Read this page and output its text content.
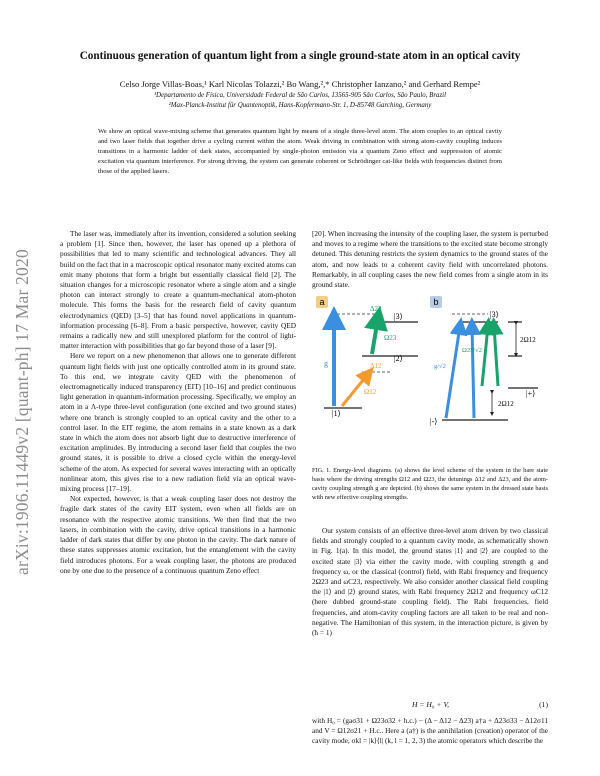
arXiv:1906.11449v2 [quant-ph] 17 Mar 2020
Continuous generation of quantum light from a single ground-state atom in an optical cavity
Celso Jorge Villas-Boas,¹ Karl Nicolas Tolazzi,² Bo Wang,²,* Christopher Ianzano,² and Gerhard Rempe²
¹Departamento de Física, Universidade Federal de São Carlos, 13565-905 São Carlos, São Paulo, Brazil
²Max-Planck-Institut für Quantenoptik, Hans-Kopfermann-Str. 1, D-85748 Garching, Germany
We show an optical wave-mixing scheme that generates quantum light by means of a single three-level atom. The atom couples to an optical cavity and two laser fields that together drive a cycling current within the atom. Weak driving in combination with strong atom-cavity coupling induces transitions in a harmonic ladder of dark states, accompanied by single-photon emission via a quantum Zeno effect and suppression of atomic excitation via quantum interference. For strong driving, the system can generate coherent or Schrödinger cat-like fields with frequencies distinct from those of the applied lasers.

The laser was, immediately after its invention, considered a solution seeking a problem [1]. Since then, however, the laser has opened up a plethora of possibilities that led to many scientific and technological advances. They all build on the fact that in a macroscopic optical resonator many excited atoms can emit many photons that form a bright but essentially classical field [2]. The situation changes for a microscopic resonator where a single atom and a single photon can interact strongly to create a quantum-mechanical atom-photon molecule. This forms the basis for the research field of cavity quantum electrodynamics (QED) [3–5] that has found novel applications in quantum-information processing [6–8]. From a basic perspective, however, cavity QED remains a radically new and still unexplored platform for the control of light-matter interaction with possibilities that go far beyond those of a laser [9].

Here we report on a new phenomenon that allows one to generate different quantum light fields with just one optically controlled atom in its ground state. To this end, we integrate cavity QED with the phenomenon of electromagnetically induced transparency (EIT) [10–16] and predict continuous light generation in quantum-information processing. Specifically, we employ an atom in a Λ-type three-level configuration (one excited and two ground states) where one branch is strongly coupled to an optical cavity and the other to a control laser. In the EIT regime, the atom remains in a state known as a dark state in which the atom does not absorb light due to destructive interference of excitation amplitudes. By introducing a second laser field that couples the two ground states, it is possible to drive a closed cycle within the energy-level scheme of the atom. As expected for several waves interacting with an optically nonlinear atom, this gives rise to a new radiation field via an optical wave-mixing process [17–19].

Not expected, however, is that a weak coupling laser does not destroy the fragile dark states of the cavity EIT system, even when all fields are on resonance with the respective atomic transitions. We then find that the two lasers, in combination with the cavity, drive optical transitions in a harmonic ladder of dark states that differ by one photon in the cavity. The dark nature of these states suppresses atomic excitation, but the entanglement with the cavity field introduces photons. For a weak coupling laser, the photons are produced one by one due to the presence of a continuous quantum Zeno effect

[20]. When increasing the intensity of the coupling laser, the system is perturbed and moves to a regime where the transitions to the excited state become strongly detuned. This detuning restricts the system dynamics to the ground states of the atom, and now leads to a coherent cavity field with uncorrelated photons. Remarkably, in all coupling cases the new field comes from a single atom in its ground state.

a
|3⟩
|2⟩
|1⟩
g
Δ23
Ω23
Δ12
Ω12
b
|3⟩
2Ω12
|+⟩
2Ω12
|-⟩
g/√2
Ω23/√2
FIG. 1. Energy-level diagrams. (a) shows the level scheme of the system in the bare state basis where the driving strengths Ω12 and Ω23, the detunings Δ12 and Δ23, and the atom-cavity coupling strength g are depicted. (b) shows the same system in the dressed state basis with new effective coupling strengths.

Our system consists of an effective three-level atom driven by two classical fields and strongly coupled to a quantum cavity mode, as schematically shown in Fig. 1(a). In this model, the ground states |1⟩ and |2⟩ are coupled to the excited state |3⟩ via either the cavity mode, with coupling strength g and frequency ω, or the classical (control) field, with Rabi frequency and frequency 2Ω23 and ωC23, respectively. We also consider another classical field coupling the |1⟩ and |2⟩ ground states, with Rabi frequency 2Ω12 and frequency ωC12 (here dubbed ground-state coupling field). The Rabi frequencies, field frequencies, and atom-cavity coupling factors are all taken to be real and non-negative. The Hamiltonian of this system, in the interaction picture, is given by (ħ = 1)

H = H₀ + V,	(1)

with H₀ = (gaσ31 + Ω23σ32 + h.c.) − (Δ − Δ12 − Δ23) a†a + Δ23σ33 − Δ12σ11 and V = Ω12σ21 + H.c.. Here a (a†) is the annihilation (creation) operator of the cavity mode, σkl = |k⟩⟨l| (k, l = 1, 2, 3) the atomic operators which describe the
